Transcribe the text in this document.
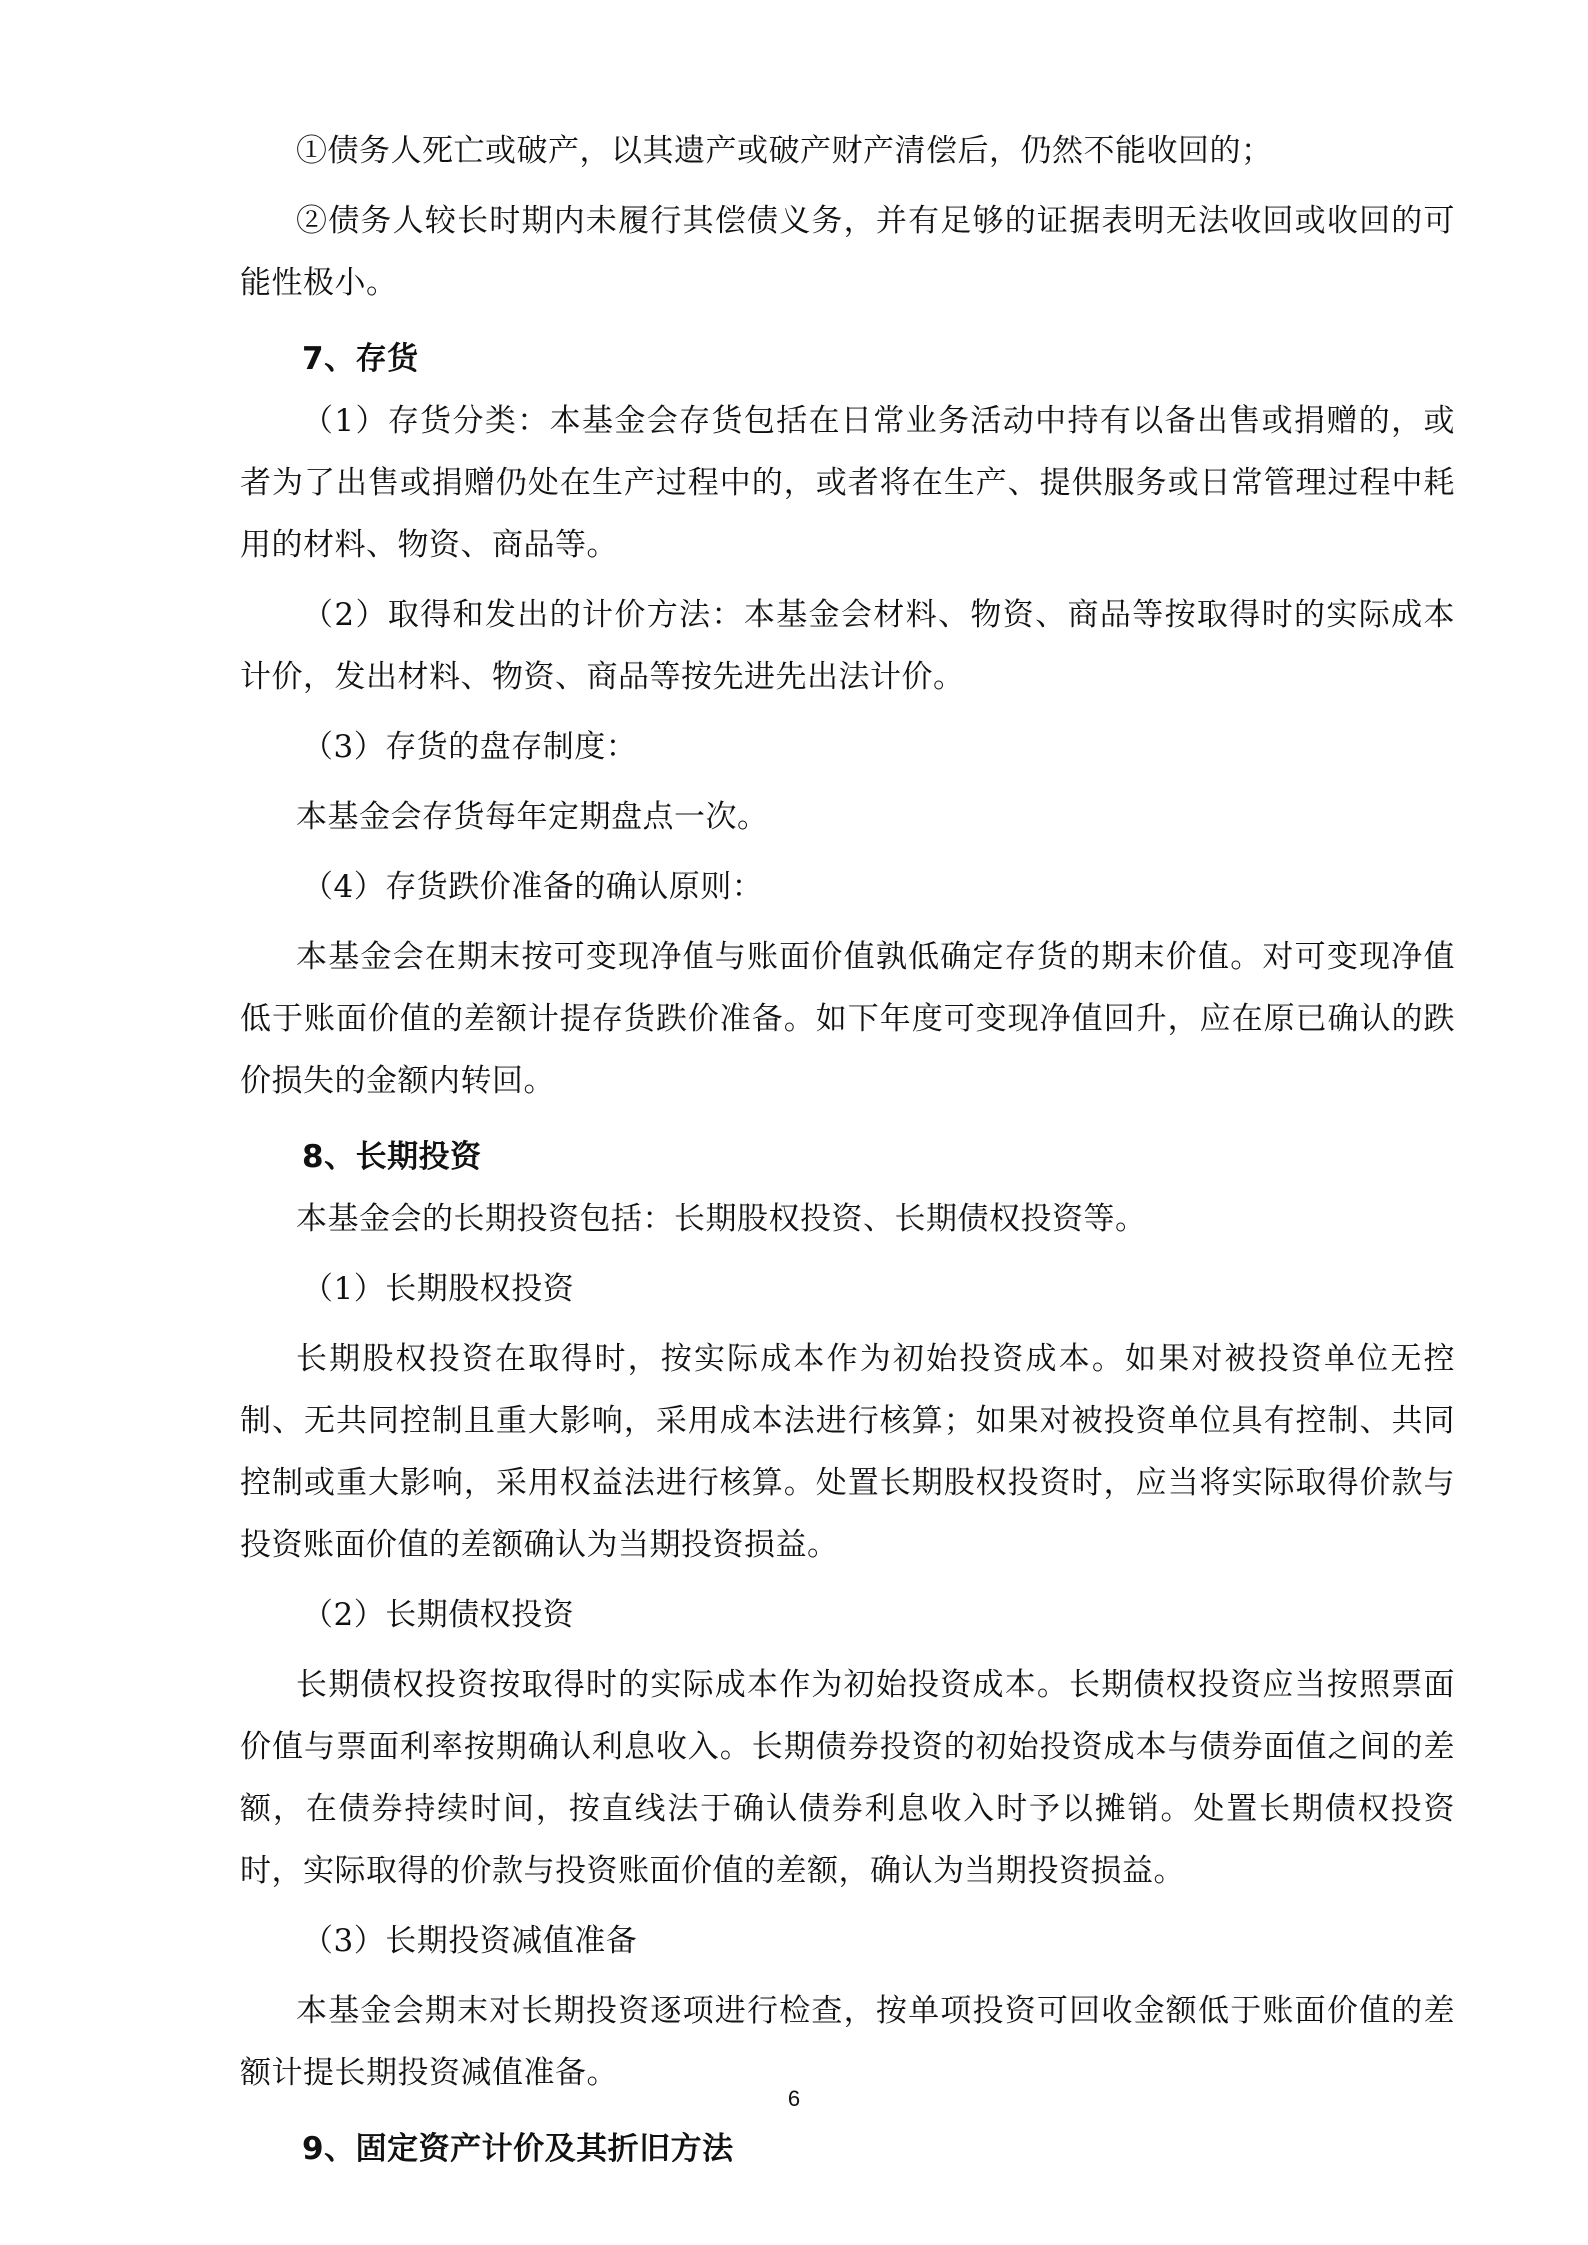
①债务人死亡或破产，以其遗产或破产财产清偿后，仍然不能收回的；

②债务人较长时期内未履行其偿债义务，并有足够的证据表明无法收回或收回的可能性极小。

7、存货

（1）存货分类：本基金会存货包括在日常业务活动中持有以备出售或捐赠的，或者为了出售或捐赠仍处在生产过程中的，或者将在生产、提供服务或日常管理过程中耗用的材料、物资、商品等。

（2）取得和发出的计价方法：本基金会材料、物资、商品等按取得时的实际成本计价，发出材料、物资、商品等按先进先出法计价。

（3）存货的盘存制度：

本基金会存货每年定期盘点一次。

（4）存货跌价准备的确认原则：

本基金会在期末按可变现净值与账面价值孰低确定存货的期末价值。对可变现净值低于账面价值的差额计提存货跌价准备。如下年度可变现净值回升，应在原已确认的跌价损失的金额内转回。

8、长期投资

本基金会的长期投资包括：长期股权投资、长期债权投资等。

（1）长期股权投资

长期股权投资在取得时，按实际成本作为初始投资成本。如果对被投资单位无控制、无共同控制且重大影响，采用成本法进行核算；如果对被投资单位具有控制、共同控制或重大影响，采用权益法进行核算。处置长期股权投资时，应当将实际取得价款与投资账面价值的差额确认为当期投资损益。

（2）长期债权投资

长期债权投资按取得时的实际成本作为初始投资成本。长期债权投资应当按照票面价值与票面利率按期确认利息收入。长期债券投资的初始投资成本与债券面值之间的差额，在债券持续时间，按直线法于确认债券利息收入时予以摊销。处置长期债权投资时，实际取得的价款与投资账面价值的差额，确认为当期投资损益。

（3）长期投资减值准备

本基金会期末对长期投资逐项进行检查，按单项投资可回收金额低于账面价值的差额计提长期投资减值准备。

9、固定资产计价及其折旧方法

6
